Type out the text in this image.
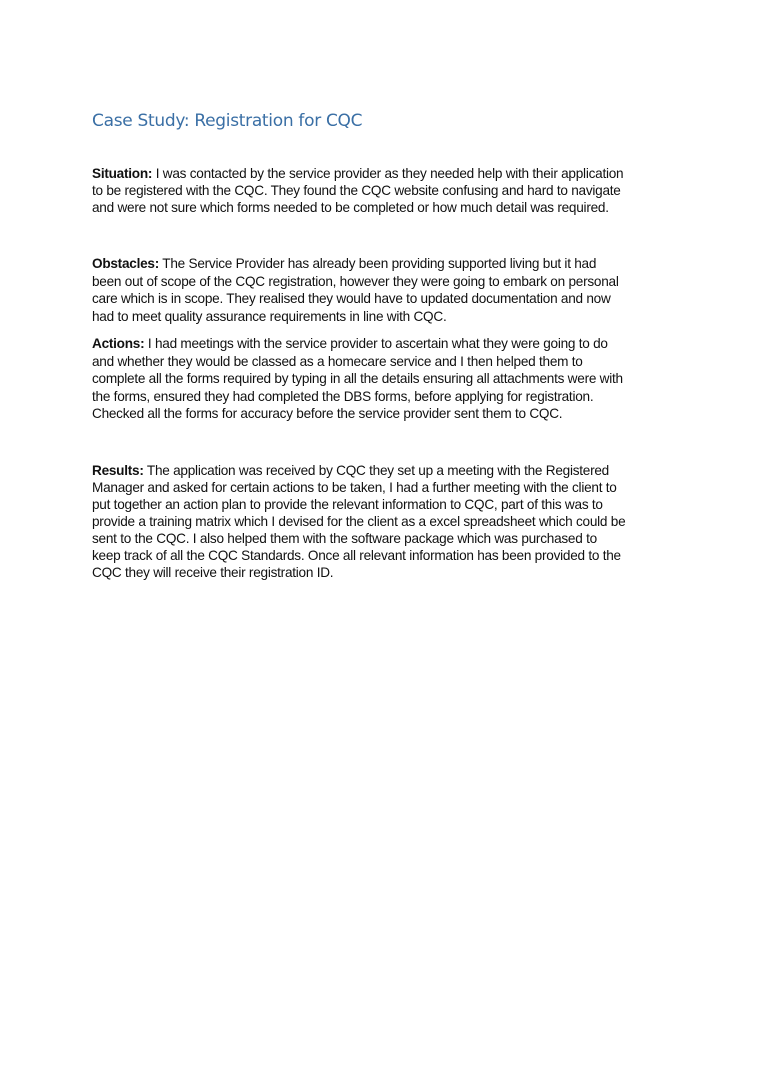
Case Study: Registration for CQC
Situation: I was contacted by the service provider as they needed help with their application
to be registered with the CQC. They found the CQC website confusing and hard to navigate
and were not sure which forms needed to be completed or how much detail was required.
Obstacles: The Service Provider has already been providing supported living but it had
been out of scope of the CQC registration, however they were going to embark on personal
care which is in scope. They realised they would have to updated documentation and now
had to meet quality assurance requirements in line with CQC.
Actions: I had meetings with the service provider to ascertain what they were going to do
and whether they would be classed as a homecare service and I then helped them to
complete all the forms required by typing in all the details ensuring all attachments were with
the forms, ensured they had completed the DBS forms, before applying for registration.
Checked all the forms for accuracy before the service provider sent them to CQC.
Results: The application was received by CQC they set up a meeting with the Registered
Manager and asked for certain actions to be taken, I had a further meeting with the client to
put together an action plan to provide the relevant information to CQC, part of this was to
provide a training matrix which I devised for the client as a excel spreadsheet which could be
sent to the CQC. I also helped them with the software package which was purchased to
keep track of all the CQC Standards. Once all relevant information has been provided to the
CQC they will receive their registration ID.
